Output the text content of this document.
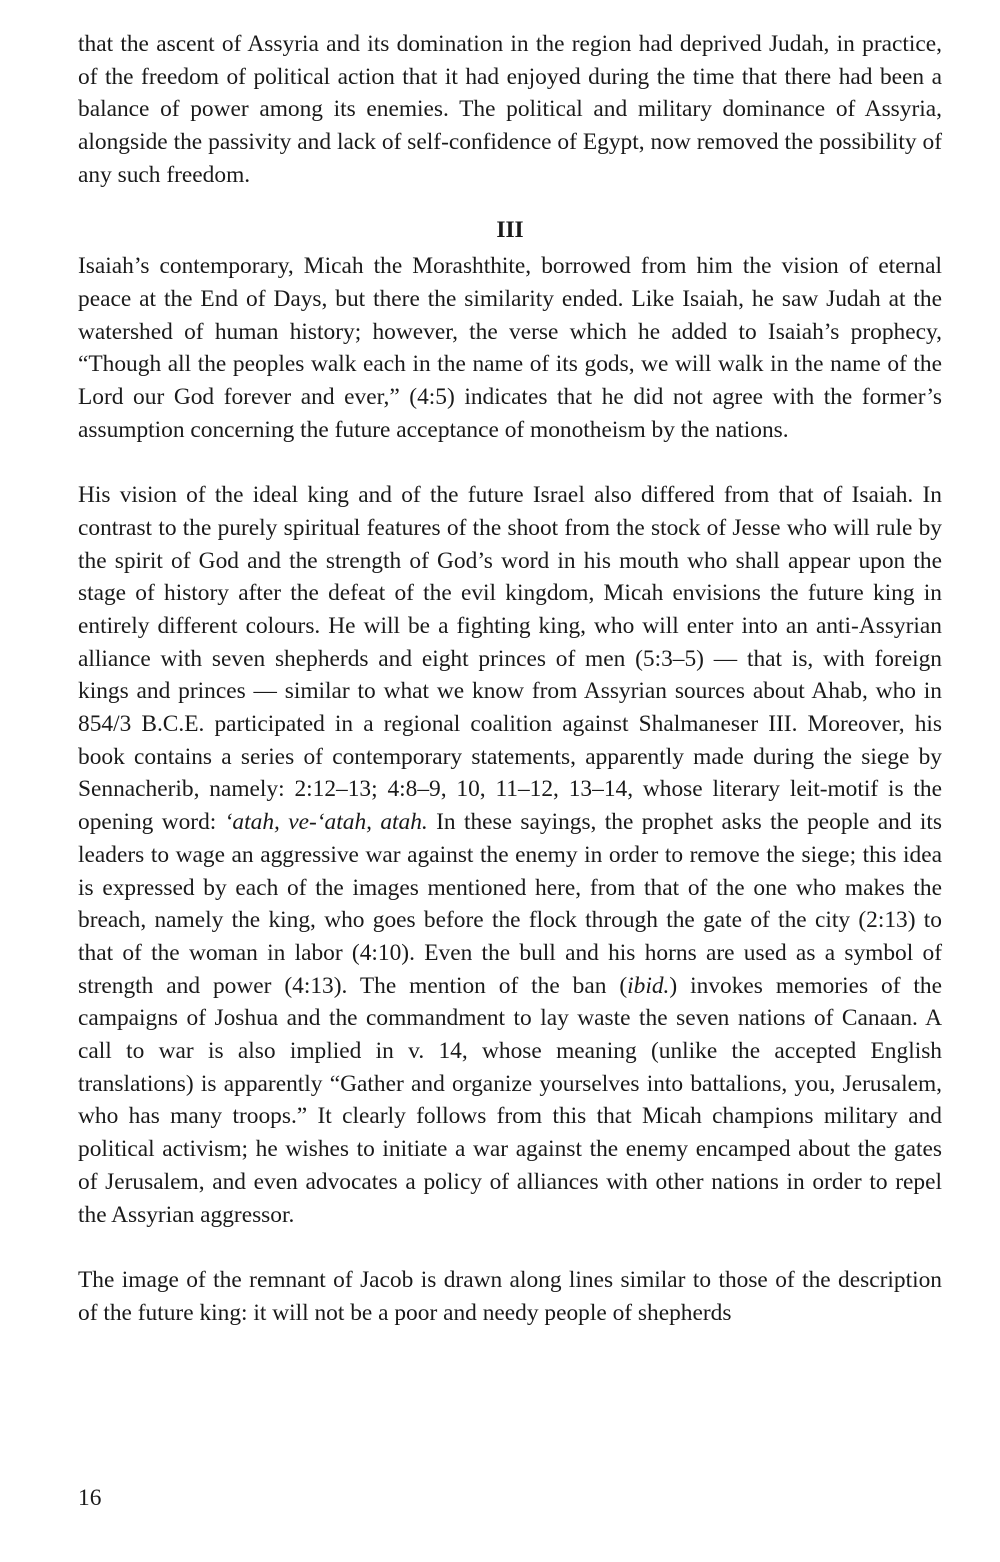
that the ascent of Assyria and its domination in the region had deprived Judah, in practice, of the freedom of political action that it had enjoyed during the time that there had been a balance of power among its enemies. The political and military dominance of Assyria, alongside the passivity and lack of self-confidence of Egypt, now removed the possibility of any such freedom.

III

Isaiah’s contemporary, Micah the Morashthite, borrowed from him the vision of eternal peace at the End of Days, but there the similarity ended. Like Isaiah, he saw Judah at the watershed of human history; however, the verse which he added to Isaiah’s prophecy, “Though all the peoples walk each in the name of its gods, we will walk in the name of the Lord our God forever and ever,” (4:5) indicates that he did not agree with the former’s assumption concerning the future acceptance of monotheism by the nations.

His vision of the ideal king and of the future Israel also differed from that of Isaiah. In contrast to the purely spiritual features of the shoot from the stock of Jesse who will rule by the spirit of God and the strength of God’s word in his mouth who shall appear upon the stage of history after the defeat of the evil kingdom, Micah envisions the future king in entirely different colours. He will be a fighting king, who will enter into an anti-Assyrian alliance with seven shepherds and eight princes of men (5:3–5) — that is, with foreign kings and princes — similar to what we know from Assyrian sources about Ahab, who in 854/3 B.C.E. participated in a regional coalition against Shalmaneser III. Moreover, his book contains a series of contemporary statements, apparently made during the siege by Sennacherib, namely: 2:12–13; 4:8–9, 10, 11–12, 13–14, whose literary leit-motif is the opening word: ‘atah, ve-‘atah, atah. In these sayings, the prophet asks the people and its leaders to wage an aggressive war against the enemy in order to remove the siege; this idea is expressed by each of the images mentioned here, from that of the one who makes the breach, namely the king, who goes before the flock through the gate of the city (2:13) to that of the woman in labor (4:10). Even the bull and his horns are used as a symbol of strength and power (4:13). The mention of the ban (ibid.) invokes memories of the campaigns of Joshua and the commandment to lay waste the seven nations of Canaan. A call to war is also implied in v. 14, whose meaning (unlike the accepted English translations) is apparently “Gather and organize yourselves into battalions, you, Jerusalem, who has many troops.” It clearly follows from this that Micah champions military and political activism; he wishes to initiate a war against the enemy encamped about the gates of Jerusalem, and even advocates a policy of alliances with other nations in order to repel the Assyrian aggressor.

The image of the remnant of Jacob is drawn along lines similar to those of the description of the future king: it will not be a poor and needy people of shepherds

16
